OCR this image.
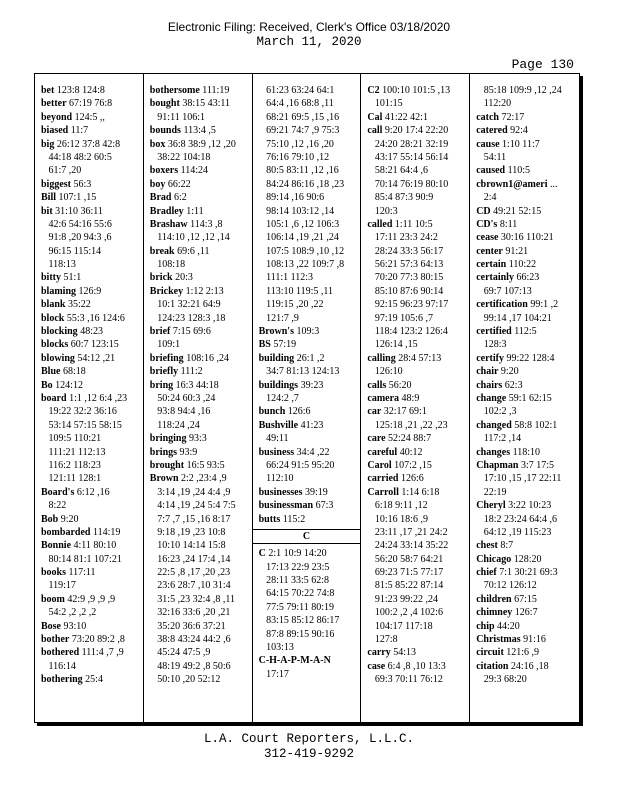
Electronic Filing: Received, Clerk's Office 03/18/2020
March 11, 2020
Page 130
bet 123:8 124:8
better 67:19 76:8
beyond 124:5 ,,
biased 11:7
big 26:12 37:8 42:8
44:18 48:2 60:5
61:7 ,20
biggest 56:3
Bill 107:1 ,15
bit 31:10 36:11
42:6 54:16 55:6
91:8 ,20 94:3 ,6
96:15 115:14
118:13
bitty 51:1
blaming 126:9
blank 35:22
block 55:3 ,16 124:6
blocking 48:23
blocks 60:7 123:15
blowing 54:12 ,21
Blue 68:18
Bo 124:12
board 1:1 ,12 6:4 ,23
19:22 32:2 36:16
53:14 57:15 58:15
109:5 110:21
111:21 112:13
116:2 118:23
121:11 128:1
Board's 6:12 ,16
8:22
Bob 9:20
bombarded 114:19
Bonnie 4:11 80:10
80:14 81:1 107:21
books 117:11
119:17
boom 42:9 ,9 ,9 ,9
54:2 ,2 ,2 ,2
Bose 93:10
bother 73:20 89:2 ,8
bothered 111:4 ,7 ,9
116:14
bothering 25:4
bothersome 111:19
bought 38:15 43:11
91:11 106:1
bounds 113:4 ,5
box 36:8 38:9 ,12 ,20
38:22 104:18
boxers 114:24
boy 66:22
Brad 6:2
Bradley 1:11
Brashaw 114:3 ,8
114:10 ,12 ,12 ,14
break 69:6 ,11
108:18
brick 20:3
Brickey 1:12 2:13
10:1 32:21 64:9
124:23 128:3 ,18
brief 7:15 69:6
109:1
briefing 108:16 ,24
briefly 111:2
bring 16:3 44:18
50:24 60:3 ,24
93:8 94:4 ,16
118:24 ,24
bringing 93:3
brings 93:9
brought 16:5 93:5
Brown 2:2 ,23:4 ,9
3:14 ,19 ,24 4:4 ,9
4:14 ,19 ,24 5:4 7:5
7:7 ,7 ,15 ,16 8:17
9:18 ,19 ,23 10:8
10:10 14:14 15:8
16:23 ,24 17:4 ,14
22:5 ,8 ,17 ,20 ,23
23:6 28:7 ,10 31:4
31:5 ,23 32:4 ,8 ,11
32:16 33:6 ,20 ,21
35:20 36:6 37:21
38:8 43:24 44:2 ,6
45:24 47:5 ,9
48:19 49:2 ,8 50:6
50:10 ,20 52:12
61:23 63:24 64:1
64:4 ,16 68:8 ,11
68:21 69:5 ,15 ,16
69:21 74:7 ,9 75:3
75:10 ,12 ,16 ,20
76:16 79:10 ,12
80:5 83:11 ,12 ,16
84:24 86:16 ,18 ,23
89:14 ,16 90:6
98:14 103:12 ,14
105:1 ,6 ,12 106:3
106:14 ,19 ,21 ,24
107:5 108:9 ,10 ,12
108:13 ,22 109:7 ,8
111:1 112:3
113:10 119:5 ,11
119:15 ,20 ,22
121:7 ,9
Brown's 109:3
BS 57:19
building 26:1 ,2
34:7 81:13 124:13
buildings 39:23
124:2 ,7
bunch 126:6
Bushville 41:23
49:11
business 34:4 ,22
66:24 91:5 95:20
112:10
businesses 39:19
businessman 67:3
butts 115:2
C
C 2:1 10:9 14:20
17:13 22:9 23:5
28:11 33:5 62:8
64:15 70:22 74:8
77:5 79:11 80:19
83:15 85:12 86:17
87:8 89:15 90:16
103:13
C-H-A-P-M-A-N
17:17
C2 100:10 101:5 ,13
101:15
Cal 41:22 42:1
call 9:20 17:4 22:20
24:20 28:21 32:19
43:17 55:14 56:14
58:21 64:4 ,6
70:14 76:19 80:10
85:4 87:3 90:9
120:3
called 1:11 10:5
17:11 23:3 24:2
28:24 33:3 56:17
56:21 57:3 64:13
70:20 77:3 80:15
85:10 87:6 90:14
92:15 96:23 97:17
97:19 105:6 ,7
118:4 123:2 126:4
126:14 ,15
calling 28:4 57:13
126:10
calls 56:20
camera 48:9
car 32:17 69:1
125:18 ,21 ,22 ,23
care 52:24 88:7
careful 40:12
Carol 107:2 ,15
carried 126:6
Carroll 1:14 6:18
6:18 9:11 ,12
10:16 18:6 ,9
23:11 ,17 ,21 24:2
24:24 33:14 35:22
56:20 58:7 64:21
69:23 71:5 77:17
81:5 85:22 87:14
91:23 99:22 ,24
100:2 ,2 ,4 102:6
104:17 117:18
127:8
carry 54:13
case 6:4 ,8 ,10 13:3
69:3 70:11 76:12
85:18 109:9 ,12 ,24
112:20
catch 72:17
catered 92:4
cause 1:10 11:7
54:11
caused 110:5
cbrown1@ameri ...
2:4
CD 49:21 52:15
CD's 8:11
cease 30:16 110:21
center 91:21
certain 110:22
certainly 66:23
69:7 107:13
certification 99:1 ,2
99:14 ,17 104:21
certified 112:5
128:3
certify 99:22 128:4
chair 9:20
chairs 62:3
change 59:1 62:15
102:2 ,3
changed 58:8 102:1
117:2 ,14
changes 118:10
Chapman 3:7 17:5
17:10 ,15 ,17 22:11
22:19
Cheryl 3:22 10:23
18:2 23:24 64:4 ,6
64:12 ,19 115:23
chest 8:7
Chicago 128:20
chief 7:1 30:21 69:3
70:12 126:12
children 67:15
chimney 126:7
chip 44:20
Christmas 91:16
circuit 121:6 ,9
citation 24:16 ,18
29:3 68:20
L.A. Court Reporters, L.L.C.
312-419-9292
